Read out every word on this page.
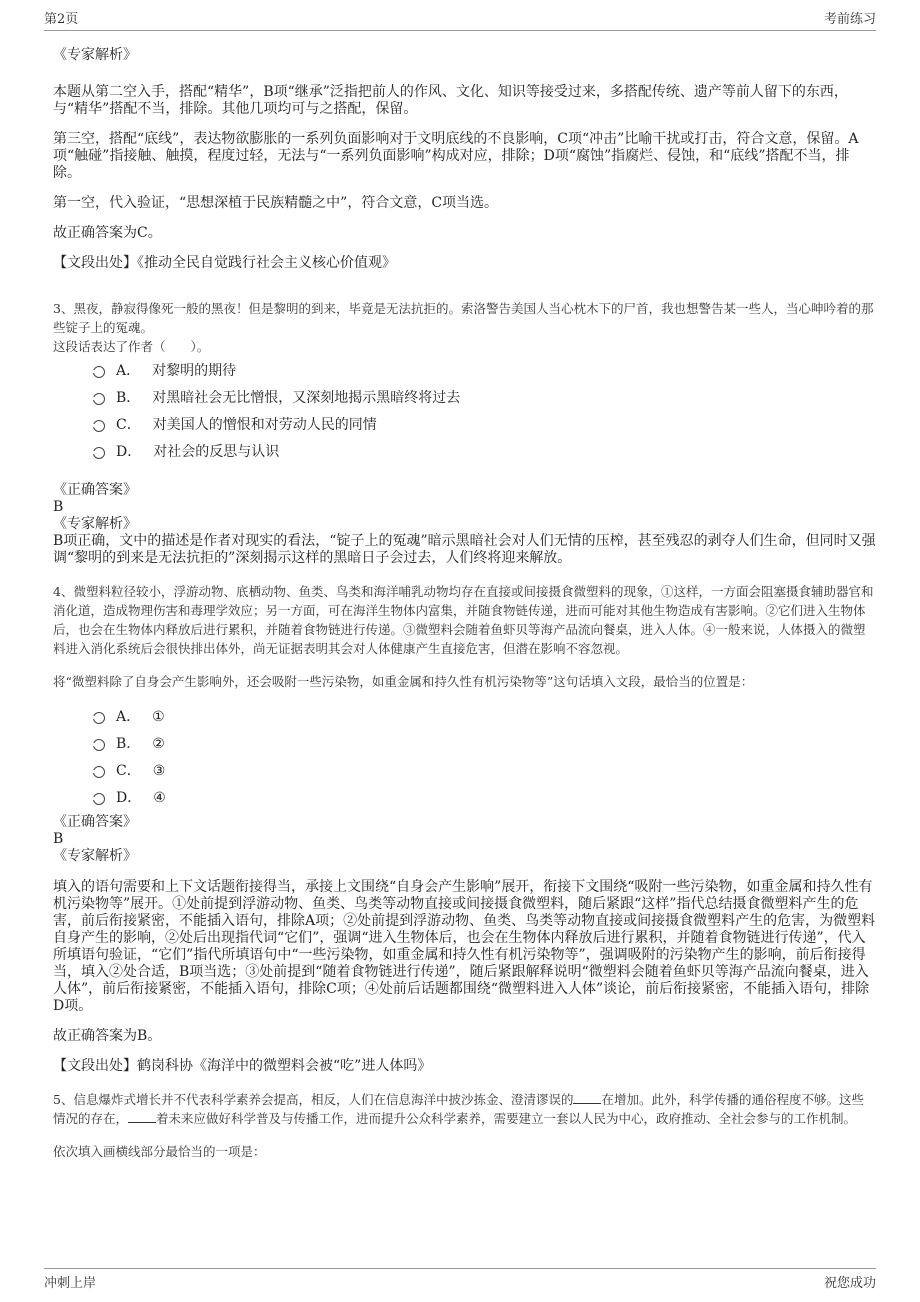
第2页	考前练习
《专家解析》

本题从第二空入手，搭配“精华”，B项“继承”泛指把前人的作风、文化、知识等接受过来，多搭配传统、遗产等前人留下的东西，与“精华”搭配不当，排除。其他几项均可与之搭配，保留。

第三空，搭配“底线”，表达物欲膨胀的一系列负面影响对于文明底线的不良影响，C项“冲击”比喻干扰或打击，符合文意，保留。A项“触碰”指接触、触摸，程度过轻，无法与“一系列负面影响”构成对应，排除；D项“腐蚀”指腐烂、侵蚀，和“底线”搭配不当，排除。

第一空，代入验证，“思想深植于民族精髓之中”，符合文意，C项当选。

故正确答案为C。

【文段出处】《推动全民自觉践行社会主义核心价值观》

3、黑夜，静寂得像死一般的黑夜！但是黎明的到来，毕竟是无法抗拒的。索洛警告美国人当心枕木下的尸首，我也想警告某一些人，当心呻吟着的那些锭子上的冤魂。

这段话表达了作者（　　）。

A． 对黎明的期待
B． 对黑暗社会无比憎恨，又深刻地揭示黑暗终将过去
C． 对美国人的憎恨和对劳动人民的同情
D． 对社会的反思与认识
《正确答案》
B
《专家解析》

B项正确，文中的描述是作者对现实的看法，“锭子上的冤魂”暗示黑暗社会对人们无情的压榨，甚至残忍的剥夺人们生命，但同时又强调“黎明的到来是无法抗拒的”深刻揭示这样的黑暗日子会过去，人们终将迎来解放。

4、微塑料粒径较小，浮游动物、底栖动物、鱼类、鸟类和海洋哺乳动物均存在直接或间接摄食微塑料的现象，①这样，一方面会阻塞摄食辅助器官和消化道，造成物理伤害和毒理学效应；另一方面，可在海洋生物体内富集，并随食物链传递，进而可能对其他生物造成有害影响。②它们进入生物体后，也会在生物体内释放后进行累积，并随着食物链进行传递。③微塑料会随着鱼虾贝等海产品流向餐桌，进入人体。④一般来说，人体摄入的微塑料进入消化系统后会很快排出体外，尚无证据表明其会对人体健康产生直接危害，但潜在影响不容忽视。

将“微塑料除了自身会产生影响外，还会吸附一些污染物，如重金属和持久性有机污染物等”这句话填入文段，最恰当的位置是：

A． ①
B． ②
C． ③
D． ④
《正确答案》
B
《专家解析》

填入的语句需要和上下文话题衔接得当，承接上文围绕“自身会产生影响”展开，衔接下文围绕“吸附一些污染物，如重金属和持久性有机污染物等”展开。①处前提到浮游动物、鱼类、鸟类等动物直接或间接摄食微塑料，随后紧跟“这样”指代总结摄食微塑料产生的危害，前后衔接紧密，不能插入语句，排除A项；②处前提到浮游动物、鱼类、鸟类等动物直接或间接摄食微塑料产生的危害，为微塑料自身产生的影响，②处后出现指代词“它们”，强调“进入生物体后，也会在生物体内释放后进行累积，并随着食物链进行传递”，代入所填语句验证，“它们”指代所填语句中“一些污染物，如重金属和持久性有机污染物等”，强调吸附的污染物产生的影响，前后衔接得当，填入②处合适，B项当选；③处前提到“随着食物链进行传递”，随后紧跟解释说明“微塑料会随着鱼虾贝等海产品流向餐桌，进入人体”，前后衔接紧密，不能插入语句，排除C项；④处前后话题都围绕“微塑料进入人体”谈论，前后衔接紧密，不能插入语句，排除D项。

故正确答案为B。

【文段出处】鹤岗科协《海洋中的微塑料会被“吃”进人体吗》

5、信息爆炸式增长并不代表科学素养会提高，相反，人们在信息海洋中披沙拣金、澄清谬误的 在增加。此外，科学传播的通俗程度不够。这些情况的存在， 着未来应做好科学普及与传播工作，进而提升公众科学素养，需要建立一套以人民为中心，政府推动、全社会参与的工作机制。

依次填入画横线部分最恰当的一项是：

冲刺上岸	祝您成功
